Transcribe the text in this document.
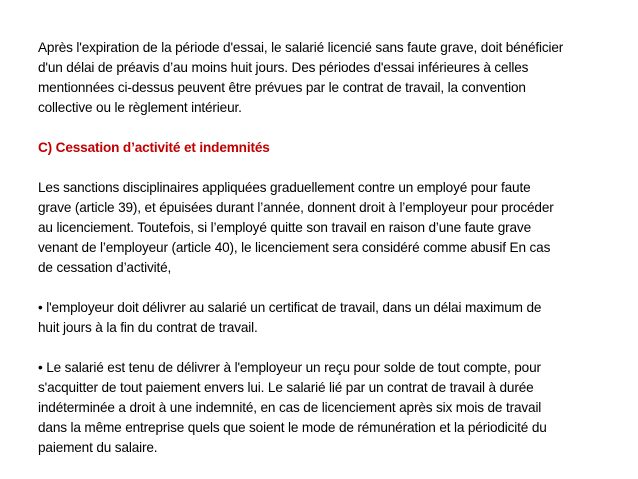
Après l'expiration de la période d'essai, le salarié licencié sans faute grave, doit bénéficier
d'un délai de préavis d’au moins huit jours. Des périodes d'essai inférieures à celles
mentionnées ci-dessus peuvent être prévues par le contrat de travail, la convention
collective ou le règlement intérieur.
C) Cessation d’activité et indemnités
Les sanctions disciplinaires appliquées graduellement contre un employé pour faute
grave (article 39), et épuisées durant l’année, donnent droit à l’employeur pour procéder
au licenciement. Toutefois, si l’employé quitte son travail en raison d’une faute grave
venant de l’employeur (article 40), le licenciement sera considéré comme abusif En cas
de cessation d’activité,
• l'employeur doit délivrer au salarié un certificat de travail, dans un délai maximum de
huit jours à la fin du contrat de travail.
• Le salarié est tenu de délivrer à l'employeur un reçu pour solde de tout compte, pour
s'acquitter de tout paiement envers lui. Le salarié lié par un contrat de travail à durée
indéterminée a droit à une indemnité, en cas de licenciement après six mois de travail
dans la même entreprise quels que soient le mode de rémunération et la périodicité du
paiement du salaire.
